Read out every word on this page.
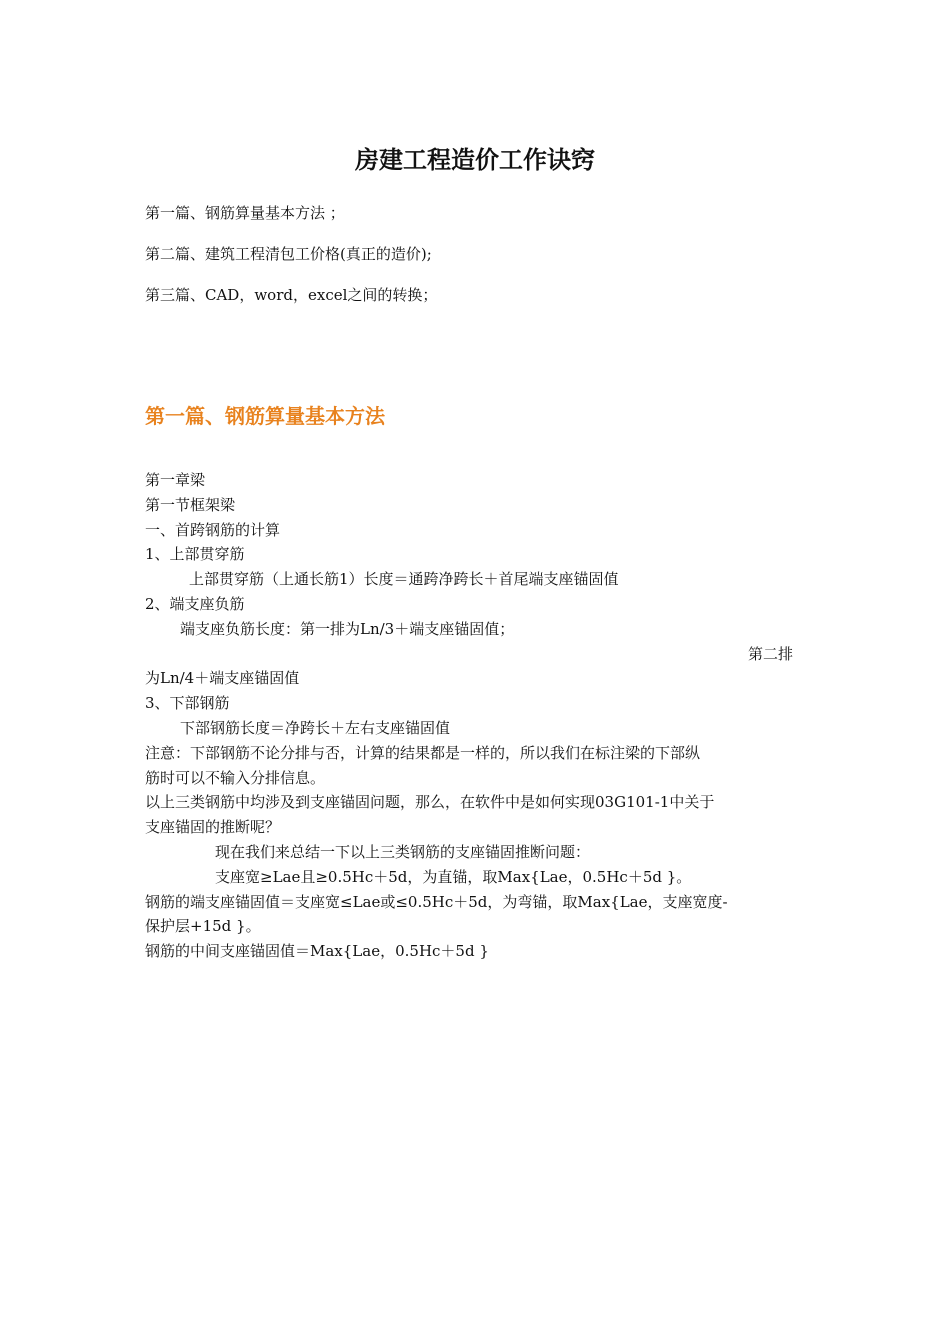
房建工程造价工作诀窍
第一篇、钢筋算量基本方法 ；
第二篇、建筑工程清包工价格(真正的造价);
第三篇、CAD，word，excel之间的转换；
第一篇、钢筋算量基本方法
第一章梁
第一节框架梁
一、首跨钢筋的计算
1、上部贯穿筋
上部贯穿筋（上通长筋1）长度＝通跨净跨长＋首尾端支座锚固值
2、端支座负筋
端支座负筋长度：第一排为Ln/3＋端支座锚固值；
第二排
为Ln/4＋端支座锚固值
3、下部钢筋
下部钢筋长度＝净跨长＋左右支座锚固值
注意：下部钢筋不论分排与否，计算的结果都是一样的，所以我们在标注梁的下部纵
筋时可以不输入分排信息。
以上三类钢筋中均涉及到支座锚固问题，那么，在软件中是如何实现03G101-1中关于
支座锚固的推断呢？
现在我们来总结一下以上三类钢筋的支座锚固推断问题：
支座宽≥Lae且≥0.5Hc＋5d，为直锚，取Max{Lae，0.5Hc＋5d }。
钢筋的端支座锚固值＝支座宽≤Lae或≤0.5Hc＋5d，为弯锚，取Max{Lae，支座宽度-
保护层+15d }。
钢筋的中间支座锚固值＝Max{Lae，0.5Hc＋5d }
